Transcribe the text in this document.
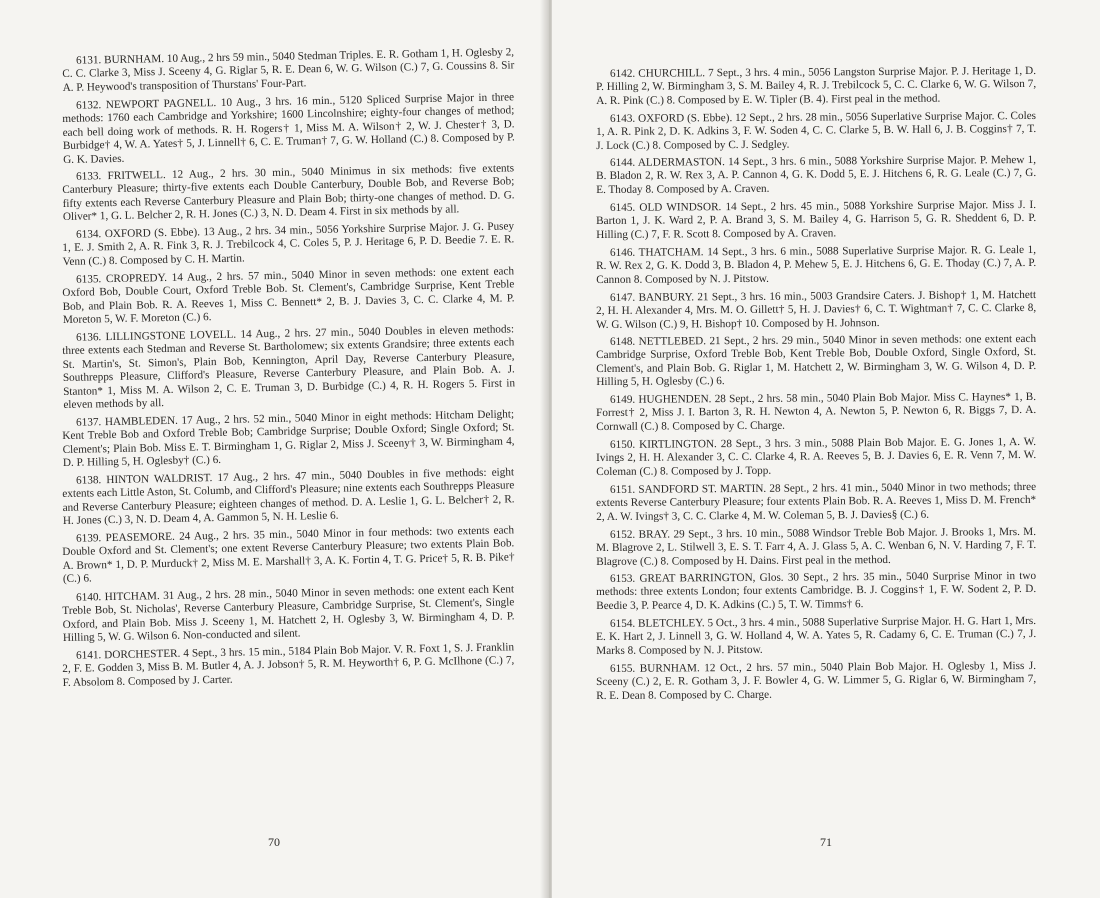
6131. BURNHAM. 10 Aug., 2 hrs 59 min., 5040 Stedman Triples. E. R. Gotham 1, H. Oglesby 2, C. C. Clarke 3, Miss J. Sceeny 4, G. Riglar 5, R. E. Dean 6, W. G. Wilson (C.) 7, G. Coussins 8. Sir A. P. Heywood's transposition of Thurstans' Four-Part.
6132. NEWPORT PAGNELL. 10 Aug., 3 hrs. 16 min., 5120 Spliced Surprise Major in three methods: 1760 each Cambridge and Yorkshire; 1600 Lincolnshire; eighty-four changes of method; each bell doing work of methods. R. H. Rogers† 1, Miss M. A. Wilson† 2, W. J. Chester† 3, D. Burbidge† 4, W. A. Yates† 5, J. Linnell† 6, C. E. Truman† 7, G. W. Holland (C.) 8. Composed by P. G. K. Davies.
6133. FRITWELL. 12 Aug., 2 hrs. 30 min., 5040 Minimus in six methods: five extents Canterbury Pleasure; thirty-five extents each Double Canterbury, Double Bob, and Reverse Bob; fifty extents each Reverse Canterbury Pleasure and Plain Bob; thirty-one changes of method. D. G. Oliver* 1, G. L. Belcher 2, R. H. Jones (C.) 3, N. D. Deam 4. First in six methods by all.
6134. OXFORD (S. Ebbe). 13 Aug., 2 hrs. 34 min., 5056 Yorkshire Surprise Major. J. G. Pusey 1, E. J. Smith 2, A. R. Fink 3, R. J. Trebilcock 4, C. Coles 5, P. J. Heritage 6, P. D. Beedie 7. E. R. Venn (C.) 8. Composed by C. H. Martin.
6135. CROPREDY. 14 Aug., 2 hrs. 57 min., 5040 Minor in seven methods: one extent each Oxford Bob, Double Court, Oxford Treble Bob. St. Clement's, Cambridge Surprise, Kent Treble Bob, and Plain Bob. R. A. Reeves 1, Miss C. Bennett* 2, B. J. Davies 3, C. C. Clarke 4, M. P. Moreton 5, W. F. Moreton (C.) 6.
6136. LILLINGSTONE LOVELL. 14 Aug., 2 hrs. 27 min., 5040 Doubles in eleven methods: three extents each Stedman and Reverse St. Bartholomew; six extents Grandsire; three extents each St. Martin's, St. Simon's, Plain Bob, Kennington, April Day, Reverse Canterbury Pleasure, Southrepps Pleasure, Clifford's Pleasure, Reverse Canterbury Pleasure, and Plain Bob. A. J. Stanton* 1, Miss M. A. Wilson 2, C. E. Truman 3, D. Burbidge (C.) 4, R. H. Rogers 5. First in eleven methods by all.
6137. HAMBLEDEN. 17 Aug., 2 hrs. 52 min., 5040 Minor in eight methods: Hitcham Delight; Kent Treble Bob and Oxford Treble Bob; Cambridge Surprise; Double Oxford; Single Oxford; St. Clement's; Plain Bob. Miss E. T. Birmingham 1, G. Riglar 2, Miss J. Sceeny† 3, W. Birmingham 4, D. P. Hilling 5, H. Oglesby† (C.) 6.
6138. HINTON WALDRIST. 17 Aug., 2 hrs. 47 min., 5040 Doubles in five methods: eight extents each Little Aston, St. Columb, and Clifford's Pleasure; nine extents each Southrepps Pleasure and Reverse Canterbury Pleasure; eighteen changes of method. D. A. Leslie 1, G. L. Belcher† 2, R. H. Jones (C.) 3, N. D. Deam 4, A. Gammon 5, N. H. Leslie 6.
6139. PEASEMORE. 24 Aug., 2 hrs. 35 min., 5040 Minor in four methods: two extents each Double Oxford and St. Clement's; one extent Reverse Canterbury Pleasure; two extents Plain Bob. A. Brown* 1, D. P. Murduck† 2, Miss M. E. Marshall† 3, A. K. Fortin 4, T. G. Price† 5, R. B. Pike† (C.) 6.
6140. HITCHAM. 31 Aug., 2 hrs. 28 min., 5040 Minor in seven methods: one extent each Kent Treble Bob, St. Nicholas', Reverse Canterbury Pleasure, Cambridge Surprise, St. Clement's, Single Oxford, and Plain Bob. Miss J. Sceeny 1, M. Hatchett 2, H. Oglesby 3, W. Birmingham 4, D. P. Hilling 5, W. G. Wilson 6. Non-conducted and silent.
6141. DORCHESTER. 4 Sept., 3 hrs. 15 min., 5184 Plain Bob Major. V. R. Foxt 1, S. J. Franklin 2, F. E. Godden 3, Miss B. M. Butler 4, A. J. Jobson† 5, R. M. Heyworth† 6, P. G. McIlhone (C.) 7, F. Absolom 8. Composed by J. Carter.
70
6142. CHURCHILL. 7 Sept., 3 hrs. 4 min., 5056 Langston Surprise Major. P. J. Heritage 1, D. P. Hilling 2, W. Birmingham 3, S. M. Bailey 4, R. J. Trebilcock 5, C. C. Clarke 6, W. G. Wilson 7, A. R. Pink (C.) 8. Composed by E. W. Tipler (B. 4). First peal in the method.
6143. OXFORD (S. Ebbe). 12 Sept., 2 hrs. 28 min., 5056 Superlative Surprise Major. C. Coles 1, A. R. Pink 2, D. K. Adkins 3, F. W. Soden 4, C. C. Clarke 5, B. W. Hall 6, J. B. Coggins† 7, T. J. Lock (C.) 8. Composed by C. J. Sedgley.
6144. ALDERMASTON. 14 Sept., 3 hrs. 6 min., 5088 Yorkshire Surprise Major. P. Mehew 1, B. Bladon 2, R. W. Rex 3, A. P. Cannon 4, G. K. Dodd 5, E. J. Hitchens 6, R. G. Leale (C.) 7, G. E. Thoday 8. Composed by A. Craven.
6145. OLD WINDSOR. 14 Sept., 2 hrs. 45 min., 5088 Yorkshire Surprise Major. Miss J. I. Barton 1, J. K. Ward 2, P. A. Brand 3, S. M. Bailey 4, G. Harrison 5, G. R. Sheddent 6, D. P. Hilling (C.) 7, F. R. Scott 8. Composed by A. Craven.
6146. THATCHAM. 14 Sept., 3 hrs. 6 min., 5088 Superlative Surprise Major. R. G. Leale 1, R. W. Rex 2, G. K. Dodd 3, B. Bladon 4, P. Mehew 5, E. J. Hitchens 6, G. E. Thoday (C.) 7, A. P. Cannon 8. Composed by N. J. Pitstow.
6147. BANBURY. 21 Sept., 3 hrs. 16 min., 5003 Grandsire Caters. J. Bishop† 1, M. Hatchett 2, H. H. Alexander 4, Mrs. M. O. Gillett† 5, H. J. Davies† 6, C. T. Wightman† 7, C. C. Clarke 8, W. G. Wilson (C.) 9, H. Bishop† 10. Composed by H. Johnson.
6148. NETTLEBED. 21 Sept., 2 hrs. 29 min., 5040 Minor in seven methods: one extent each Cambridge Surprise, Oxford Treble Bob, Kent Treble Bob, Double Oxford, Single Oxford, St. Clement's, and Plain Bob. G. Riglar 1, M. Hatchett 2, W. Birmingham 3, W. G. Wilson 4, D. P. Hilling 5, H. Oglesby (C.) 6.
6149. HUGHENDEN. 28 Sept., 2 hrs. 58 min., 5040 Plain Bob Major. Miss C. Haynes* 1, B. Forrest† 2, Miss J. I. Barton 3, R. H. Newton 4, A. Newton 5, P. Newton 6, R. Biggs 7, D. A. Cornwall (C.) 8. Composed by C. Charge.
6150. KIRTLINGTON. 28 Sept., 3 hrs. 3 min., 5088 Plain Bob Major. E. G. Jones 1, A. W. Ivings 2, H. H. Alexander 3, C. C. Clarke 4, R. A. Reeves 5, B. J. Davies 6, E. R. Venn 7, M. W. Coleman (C.) 8. Composed by J. Topp.
6151. SANDFORD ST. MARTIN. 28 Sept., 2 hrs. 41 min., 5040 Minor in two methods; three extents Reverse Canterbury Pleasure; four extents Plain Bob. R. A. Reeves 1, Miss D. M. French* 2, A. W. Ivings† 3, C. C. Clarke 4, M. W. Coleman 5, B. J. Davies§ (C.) 6.
6152. BRAY. 29 Sept., 3 hrs. 10 min., 5088 Windsor Treble Bob Major. J. Brooks 1, Mrs. M. M. Blagrove 2, L. Stilwell 3, E. S. T. Farr 4, A. J. Glass 5, A. C. Wenban 6, N. V. Harding 7, F. T. Blagrove (C.) 8. Composed by H. Dains. First peal in the method.
6153. GREAT BARRINGTON, Glos. 30 Sept., 2 hrs. 35 min., 5040 Surprise Minor in two methods: three extents London; four extents Cambridge. B. J. Coggins† 1, F. W. Sodent 2, P. D. Beedie 3, P. Pearce 4, D. K. Adkins (C.) 5, T. W. Timms† 6.
6154. BLETCHLEY. 5 Oct., 3 hrs. 4 min., 5088 Superlative Surprise Major. H. G. Hart 1, Mrs. E. K. Hart 2, J. Linnell 3, G. W. Holland 4, W. A. Yates 5, R. Cadamy 6, C. E. Truman (C.) 7, J. Marks 8. Composed by N. J. Pitstow.
6155. BURNHAM. 12 Oct., 2 hrs. 57 min., 5040 Plain Bob Major. H. Oglesby 1, Miss J. Sceeny (C.) 2, E. R. Gotham 3, J. F. Bowler 4, G. W. Limmer 5, G. Riglar 6, W. Birmingham 7, R. E. Dean 8. Composed by C. Charge.
71
